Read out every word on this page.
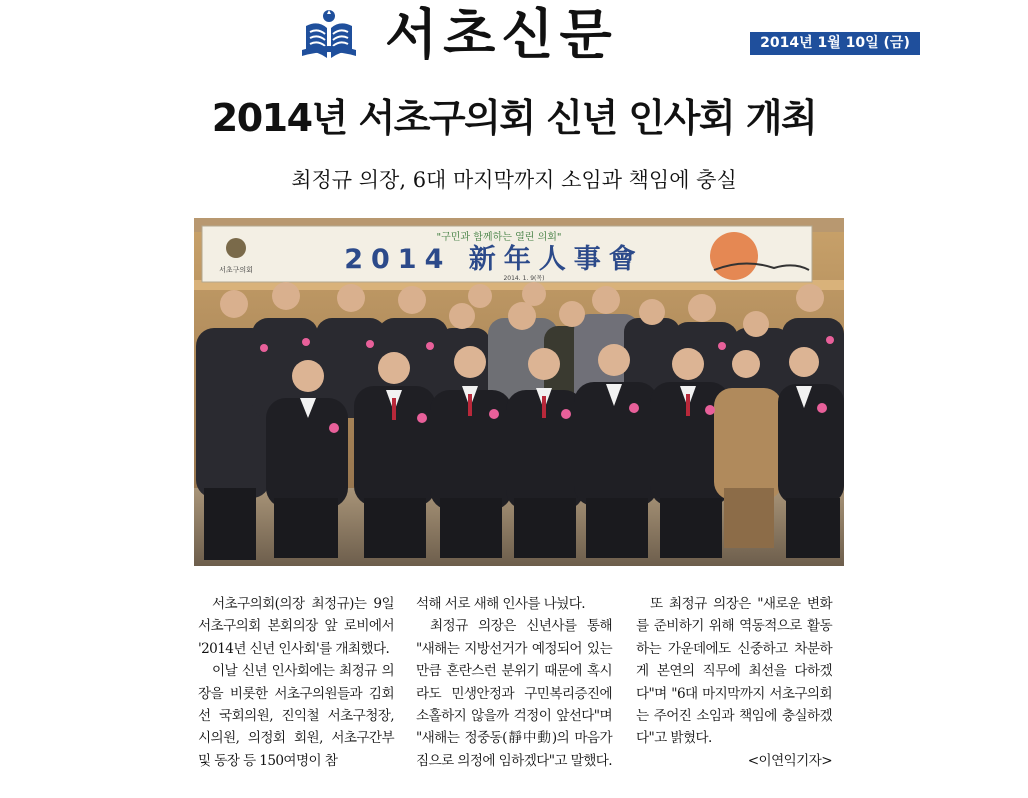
서초신문	2014년 1월 10일 (금)
2014년 서초구의회 신년 인사회 개최
최정규 의장, 6대 마지막까지 소임과 책임에 충실
서초구의회
"구민과 함께하는 열린 의회"
2014 新年人事會
2014. 1. 9(목)

서초구의회(의장 최정규)는 9일 서초구의회 본회의장 앞 로비에서 '2014년 신년 인사회'를 개최했다.

이날 신년 인사회에는 최정규 의장을 비롯한 서초구의원들과 김회선 국회의원, 진익철 서초구청장, 시의원, 의정회 회원, 서초구간부 및 동장 등 150여명이 참

석해 서로 새해 인사를 나눴다.

최정규 의장은 신년사를 통해 "새해는 지방선거가 예정되어 있는 만큼 혼란스런 분위기 때문에 혹시라도 민생안정과 구민복리증진에 소홀하지 않을까 걱정이 앞선다"며 "새해는 정중동(靜中動)의 마음가짐으로 의정에 임하겠다"고 말했다.

또 최정규 의장은 "새로운 변화를 준비하기 위해 역동적으로 활동하는 가운데에도 신중하고 차분하게 본연의 직무에 최선을 다하겠다"며 "6대 마지막까지 서초구의회는 주어진 소임과 책임에 충실하겠다"고 밝혔다.

<이연익기자>
